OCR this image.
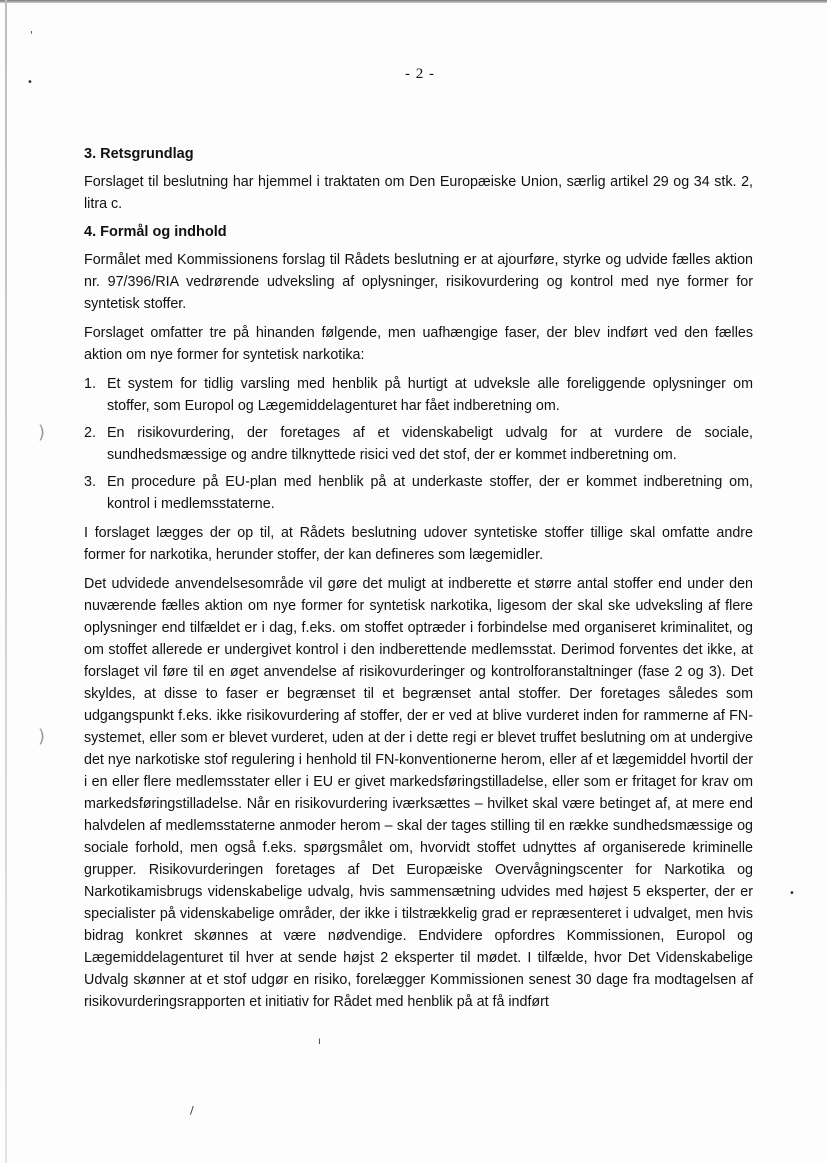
'
•
)
)
•
ı
/
- 2 -
3. Retsgrundlag

Forslaget til beslutning har hjemmel i traktaten om Den Europæiske Union, særlig artikel 29 og 34 stk. 2, litra c.

4. Formål og indhold

Formålet med Kommissionens forslag til Rådets beslutning er at ajourføre, styrke og udvide fælles aktion nr. 97/396/RIA vedrørende udveksling af oplysninger, risikovurdering og kontrol med nye former for syntetisk stoffer.

Forslaget omfatter tre på hinanden følgende, men uafhængige faser, der blev indført ved den fælles aktion om nye former for syntetisk narkotika:

1. Et system for tidlig varsling med henblik på hurtigt at udveksle alle foreliggende oplysninger om stoffer, som Europol og Lægemiddelagenturet har fået indberetning om.
2. En risikovurdering, der foretages af et videnskabeligt udvalg for at vurdere de sociale, sundhedsmæssige og andre tilknyttede risici ved det stof, der er kommet indberetning om.
3. En procedure på EU-plan med henblik på at underkaste stoffer, der er kommet indberetning om, kontrol i medlemsstaterne.

I forslaget lægges der op til, at Rådets beslutning udover syntetiske stoffer tillige skal omfatte andre former for narkotika, herunder stoffer, der kan defineres som lægemidler.

Det udvidede anvendelsesområde vil gøre det muligt at indberette et større antal stoffer end under den nuværende fælles aktion om nye former for syntetisk narkotika, ligesom der skal ske udveksling af flere oplysninger end tilfældet er i dag, f.eks. om stoffet optræder i forbindelse med organiseret kriminalitet, og om stoffet allerede er undergivet kontrol i den indberettende medlemsstat. Derimod forventes det ikke, at forslaget vil føre til en øget anvendelse af risikovurderinger og kontrolforanstaltninger (fase 2 og 3). Det skyldes, at disse to faser er begrænset til et begrænset antal stoffer. Der foretages således som udgangspunkt f.eks. ikke risikovurdering af stoffer, der er ved at blive vurderet inden for rammerne af FN-systemet, eller som er blevet vurderet, uden at der i dette regi er blevet truffet beslutning om at undergive det nye narkotiske stof regulering i henhold til FN-konventionerne herom, eller af et lægemiddel hvortil der i en eller flere medlemsstater eller i EU er givet markedsføringstilladelse, eller som er fritaget for krav om markedsføringstilladelse. Når en risikovurdering iværksættes – hvilket skal være betinget af, at mere end halvdelen af medlemsstaterne anmoder herom – skal der tages stilling til en række sundhedsmæssige og sociale forhold, men også f.eks. spørgsmålet om, hvorvidt stoffet udnyttes af organiserede kriminelle grupper. Risikovurderingen foretages af Det Europæiske Overvågningscenter for Narkotika og Narkotikamisbrugs videnskabelige udvalg, hvis sammensætning udvides med højest 5 eksperter, der er specialister på videnskabelige områder, der ikke i tilstrækkelig grad er repræsenteret i udvalget, men hvis bidrag konkret skønnes at være nødvendige. Endvidere opfordres Kommissionen, Europol og Lægemiddelagenturet til hver at sende højst 2 eksperter til mødet. I tilfælde, hvor Det Videnskabelige Udvalg skønner at et stof udgør en risiko, forelægger Kommissionen senest 30 dage fra modtagelsen af risikovurderingsrapporten et initiativ for Rådet med henblik på at få indført
